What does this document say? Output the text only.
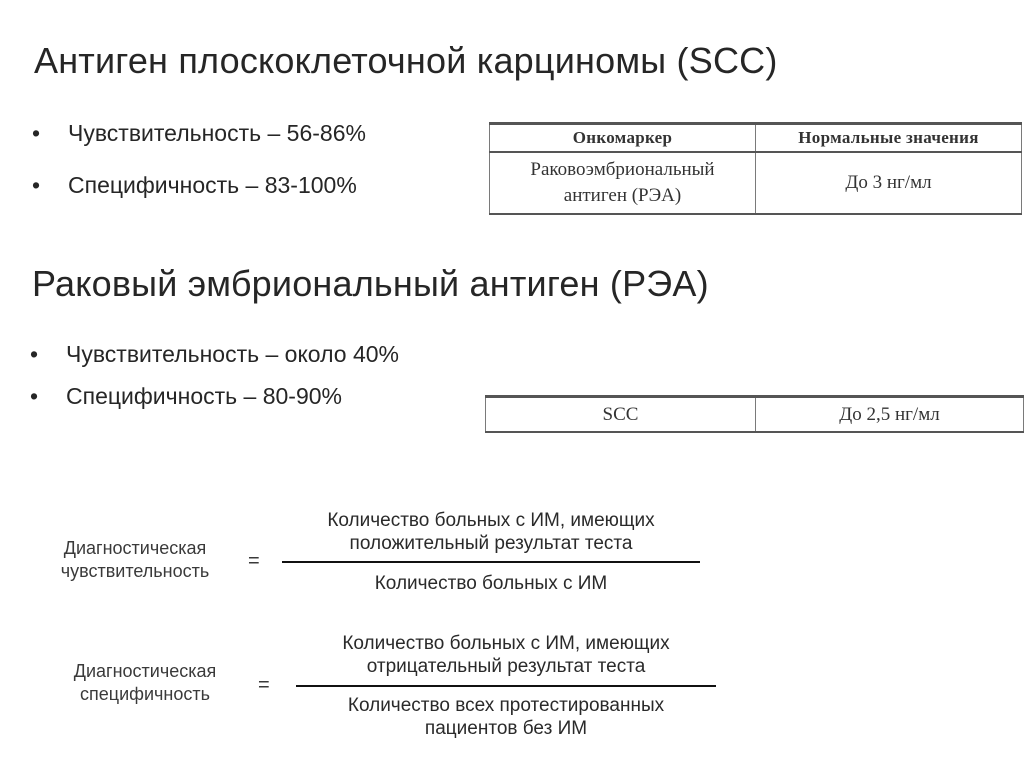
Антиген плоскоклеточной карциномы (SCC)
• Чувствительность – 56-86%
• Специфичность – 83-100%
Онкомаркер	Нормальные значения

Раковоэмбриональный
антиген (РЭА)	До 3 нг/мл
Раковый эмбриональный антиген (РЭА)
• Чувствительность – около 40%
• Специфичность – 80-90%
SCC	До 2,5 нг/мл
Диагностическая
чувствительность	=
Количество больных с ИМ, имеющих
положительный результат теста
Количество больных с ИМ
Диагностическая
специфичность	=
Количество больных с ИМ, имеющих
отрицательный результат теста
Количество всех протестированных
пациентов без ИМ
